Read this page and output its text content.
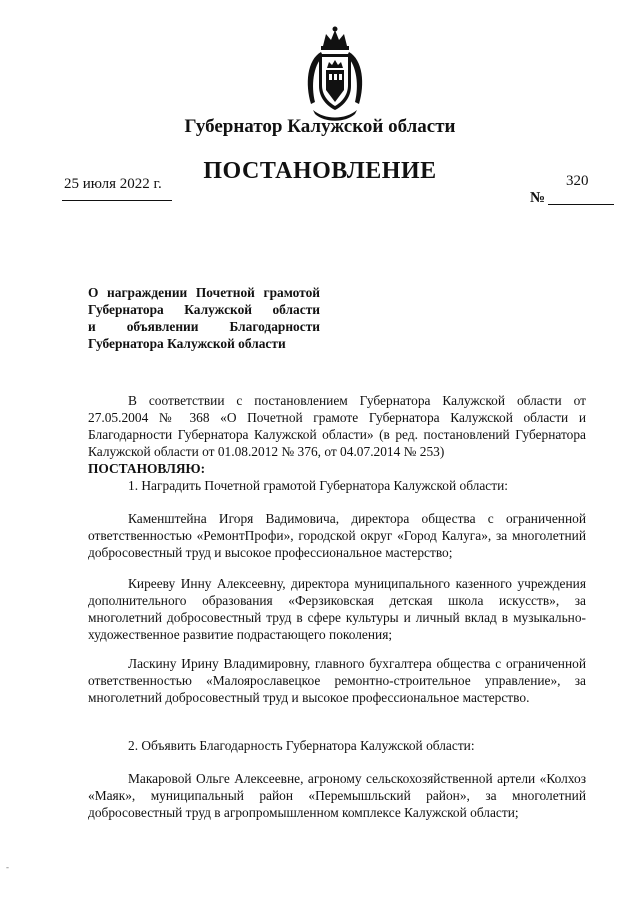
Губернатор Калужской области
ПОСТАНОВЛЕНИЕ
25 июля 2022 г.	320
№
О награждении Почетной грамотой
Губернатора Калужской области
и объявлении Благодарности
Губернатора Калужской области
В соответствии с постановлением Губернатора Калужской области от 27.05.2004 № 368 «О Почетной грамоте Губернатора Калужской области и Благодарности Губернатора Калужской области» (в ред. постановлений Губернатора Калужской области от 01.08.2012 № 376, от 04.07.2014 № 253)
ПОСТАНОВЛЯЮ:
1. Наградить Почетной грамотой Губернатора Калужской области:
Каменштейна Игоря Вадимовича, директора общества с ограниченной ответственностью «РемонтПрофи», городской округ «Город Калуга», за многолетний добросовестный труд и высокое профессиональное мастерство;
Кирееву Инну Алексеевну, директора муниципального казенного учреждения дополнительного образования «Ферзиковская детская школа искусств», за многолетний добросовестный труд в сфере культуры и личный вклад в музыкально-художественное развитие подрастающего поколения;
Ласкину Ирину Владимировну, главного бухгалтера общества с ограниченной ответственностью «Малоярославецкое ремонтно-строительное управление», за многолетний добросовестный труд и высокое профессиональное мастерство.
2. Объявить Благодарность Губернатора Калужской области:
Макаровой Ольге Алексеевне, агроному сельскохозяйственной артели «Колхоз «Маяк», муниципальный район «Перемышльский район», за многолетний добросовестный труд в агропромышленном комплексе Калужской области;
-
